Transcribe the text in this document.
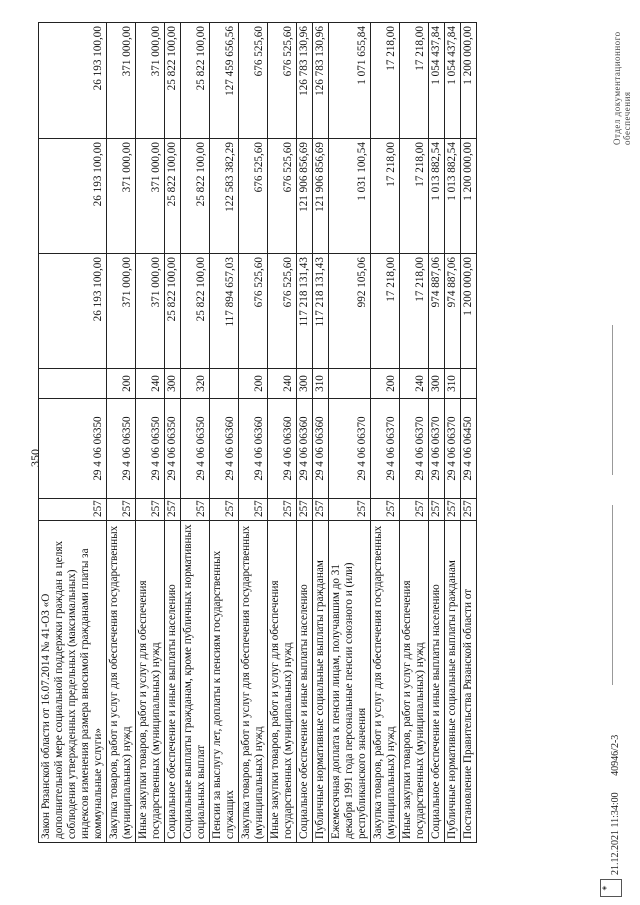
350
Закон Рязанской области от 16.07.2014 № 41-ОЗ «О дополнительной мере социальной поддержки граждан в целях соблюдения утвержденных предельных (максимальных) индексов изменения размера вносимой гражданами платы за коммунальные услуги»	257	29 4 06 06350		26 193 100,00	26 193 100,00	26 193 100,00
Закупка товаров, работ и услуг для обеспечения государственных (муниципальных) нужд	257	29 4 06 06350	200	371 000,00	371 000,00	371 000,00
Иные закупки товаров, работ и услуг для обеспечения государственных (муниципальных) нужд	257	29 4 06 06350	240	371 000,00	371 000,00	371 000,00
Социальное обеспечение и иные выплаты населению	257	29 4 06 06350	300	25 822 100,00	25 822 100,00	25 822 100,00
Социальные выплаты гражданам, кроме публичных нормативных социальных выплат	257	29 4 06 06350	320	25 822 100,00	25 822 100,00	25 822 100,00
Пенсии за выслугу лет, доплаты к пенсиям государственных служащих	257	29 4 06 06360		117 894 657,03	122 583 382,29	127 459 656,56
Закупка товаров, работ и услуг для обеспечения государственных (муниципальных) нужд	257	29 4 06 06360	200	676 525,60	676 525,60	676 525,60
Иные закупки товаров, работ и услуг для обеспечения государственных (муниципальных) нужд	257	29 4 06 06360	240	676 525,60	676 525,60	676 525,60
Социальное обеспечение и иные выплаты населению	257	29 4 06 06360	300	117 218 131,43	121 906 856,69	126 783 130,96
Публичные нормативные социальные выплаты гражданам	257	29 4 06 06360	310	117 218 131,43	121 906 856,69	126 783 130,96
Ежемесячная доплата к пенсии лицам, получавшим до 31 декабря 1991 года персональные пенсии союзного и (или) республиканского значения	257	29 4 06 06370		992 105,06	1 031 100,54	1 071 655,84
Закупка товаров, работ и услуг для обеспечения государственных (муниципальных) нужд	257	29 4 06 06370	200	17 218,00	17 218,00	17 218,00
Иные закупки товаров, работ и услуг для обеспечения государственных (муниципальных) нужд	257	29 4 06 06370	240	17 218,00	17 218,00	17 218,00
Социальное обеспечение и иные выплаты населению	257	29 4 06 06370	300	974 887,06	1 013 882,54	1 054 437,84
Публичные нормативные социальные выплаты гражданам	257	29 4 06 06370	310	974 887,06	1 013 882,54	1 054 437,84
Постановление Правительства Рязанской области от	257	29 4 06 06450		1 200 000,00	1 200 000,00	1 200 000,00
◈
21.12.2021 11:34:00 40946/2-3
Отдел документационного обеспечения
